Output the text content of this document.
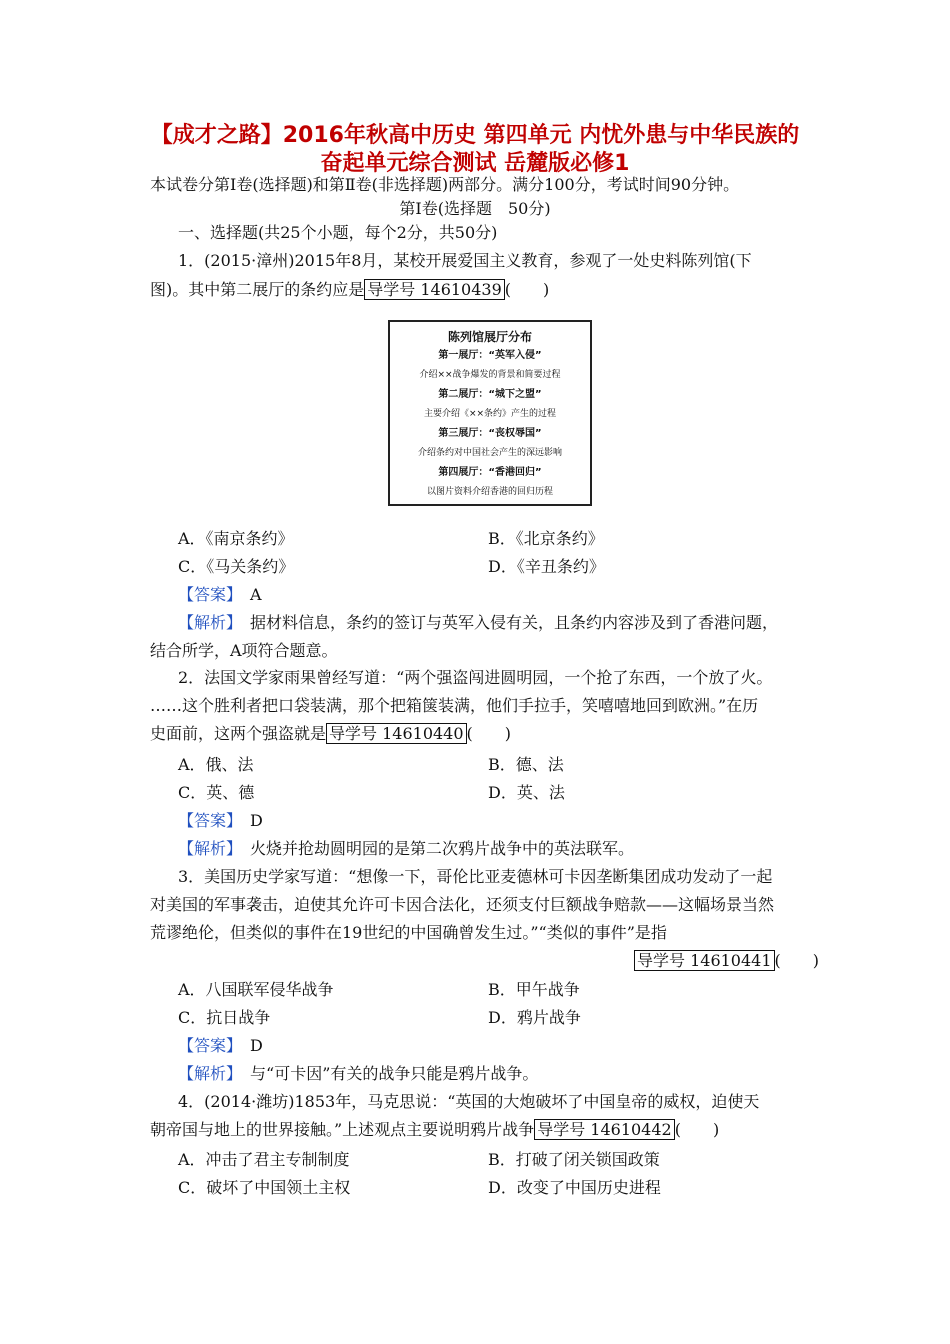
【成才之路】2016年秋高中历史 第四单元 内忧外患与中华民族的
奋起单元综合测试 岳麓版必修1
本试卷分第Ⅰ卷(选择题)和第Ⅱ卷(非选择题)两部分。满分100分，考试时间90分钟。
第Ⅰ卷(选择题　50分)
一、选择题(共25个小题，每个2分，共50分)
1．(2015·漳州)2015年8月，某校开展爱国主义教育，参观了一处史料陈列馆(下
图)。其中第二展厅的条约应是 导学号 14610439 (　　)
陈列馆展厅分布
第一展厅：“英军入侵”
介绍××战争爆发的背景和简要过程
第二展厅：“城下之盟”
主要介绍《××条约》产生的过程
第三展厅：“丧权辱国”
介绍条约对中国社会产生的深远影响
第四展厅：“香港回归”
以图片资料介绍香港的回归历程
A．《南京条约》	B．《北京条约》
C．《马关条约》	D．《辛丑条约》
【答案】　 A
【解析】　 据材料信息，条约的签订与英军入侵有关，且条约内容涉及到了香港问题，
结合所学，A项符合题意。
2．法国文学家雨果曾经写道：“两个强盗闯进圆明园，一个抢了东西，一个放了火。
……这个胜利者把口袋装满，那个把箱箧装满，他们手拉手，笑嘻嘻地回到欧洲。”在历
史面前，这两个强盗就是 导学号 14610440 (　　)
A．俄、法	B．德、法
C．英、德	D．英、法
【答案】　 D
【解析】　 火烧并抢劫圆明园的是第二次鸦片战争中的英法联军。
3．美国历史学家写道：“想像一下，哥伦比亚麦德林可卡因垄断集团成功发动了一起
对美国的军事袭击，迫使其允许可卡因合法化，还须支付巨额战争赔款——这幅场景当然
荒谬绝伦，但类似的事件在19世纪的中国确曾发生过。”“类似的事件”是指
导学号 14610441 (　　)
A．八国联军侵华战争	B．甲午战争
C．抗日战争	D．鸦片战争
【答案】　 D
【解析】　 与“可卡因”有关的战争只能是鸦片战争。
4．(2014·潍坊)1853年，马克思说：“英国的大炮破坏了中国皇帝的威权，迫使天
朝帝国与地上的世界接触。”上述观点主要说明鸦片战争 导学号 14610442 (　　)
A．冲击了君主专制制度	B．打破了闭关锁国政策
C．破坏了中国领土主权	D．改变了中国历史进程
